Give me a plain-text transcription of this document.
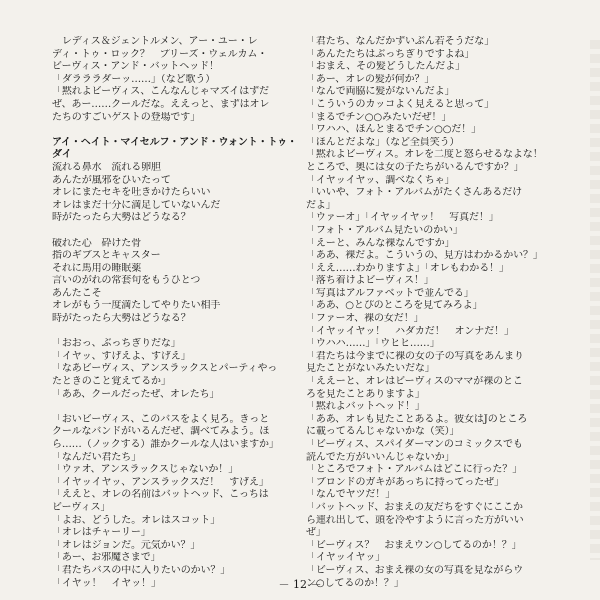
　レディス＆ジェントルメン、アー・ユー・レ
ディ・トゥ・ロック？　プリーズ・ウェルカム・
ビーヴィス・アンド・バットヘッド！
「ダラララダーッ……」（など歌う）
「黙れよビーヴィス、こんなんじゃマズイはずだ
ぜ、あー……クールだな。ええっと、まずはオレ
たちのすごいゲストの登場です」
アイ・ヘイト・マイセルフ・アンド・ウォント・トゥ・
ダイ
流れる鼻水　流れる卵胆
あんたが風邪をひいたって
オレにまたセキを吐きかけたらいい
オレはまだ十分に満足していないんだ
時がたったら大勢はどうなる？
破れた心　砕けた骨
指のギブスとキャスター
それに馬用の睡眠薬
言いのがれの常套句をもうひとつ
あんたこそ
オレがもう一度満たしてやりたい相手
時がたったら大勢はどうなる？
「おおっ、ぶっちぎりだな」
「イヤッ、すげえよ、すげえ」
「なあビーヴィス、アンスラックスとパーティやっ
たときのこと覚えてるか」
「ああ、クールだったぜ、オレたち」
「おいビーヴィス、このバスをよく見ろ。きっと
クールなバンドがいるんだぜ、調べてみよう。ほ
ら……（ノックする）誰かクールな人はいますか」
「なんだい君たち」
「ウァオ、アンスラックスじゃないか！」
「イヤッイヤッ、アンスラックスだ！　すげえ」
「ええと、オレの名前はバットヘッド、こっちは
ビーヴィス」
「よお、どうした。オレはスコット」
「オレはチャーリー」
「オレはジョンだ。元気かい？」
「あー、お邪魔さまで」
「君たちバスの中に入りたいのかい？」
「イヤッ！　イヤッ！」
「君たち、なんだかずいぶん若そうだな」
「あんたたちはぶっちぎりですよね」
「おまえ、その髪どうしたんだよ」
「あー、オレの髪が何か？」
「なんで両脇に髪がないんだよ」
「こういうのカッコよく見えると思って」
「まるでチン○○みたいだぜ！」
「ワハハ、ほんとまるでチン○○だ！」
「ほんとだよな」（など全員笑う）
「黙れよビーヴィス。オレを二度と怒らせるなよな！
ところで、奥には女の子たちがいるんですか？」
「イヤッイヤッ、調べなくちゃ」
「いいや、フォト・アルバムがたくさんあるだけ
だよ」
「ウァーオ」「イヤッイヤッ！　写真だ！」
「フォト・アルバム見たいのかい」
「えーと、みんな裸なんですか」
「ああ、裸だよ。こういうの、見方はわかるかい？」
「ええ……わかりますよ」「オレもわかる！」
「落ち着けよビーヴィス！」
「写真はアルファベットで並んでる」
「ああ、○とぴのところを見てみろよ」
「ファーオ、裸の女だ！」
「イヤッイヤッ！　ハダカだ！　オンナだ！」
「ウハハ……」「ウヒヒ……」
「君たちは今までに裸の女の子の写真をあんまり
見たことがないみたいだな」
「ええーと、オレはビーヴィスのママが裸のとこ
ろを見たことありますよ」
「黙れよバットヘッド！」
「ああ、オレも見たことあるよ。彼女はJのところ
に載ってるんじゃないかな（笑）」
「ビーヴィス、スパイダーマンのコミックスでも
読んでた方がいいんじゃないか」
「ところでフォト・アルバムはどこに行った？」
「ブロンドのガキがあっちに持ってったぜ」
「なんでヤツだ！」
「バットヘッド、おまえの友だちをすぐにここか
ら連れ出して、頭を冷やすように言った方がいい
ぜ」
「ビーヴィス？　おまえウン○してるのか！？」
「イヤッイヤッ」
「ビーヴィス、おまえ裸の女の写真を見ながらウ
ン○してるのか！？」
－ 12 －
